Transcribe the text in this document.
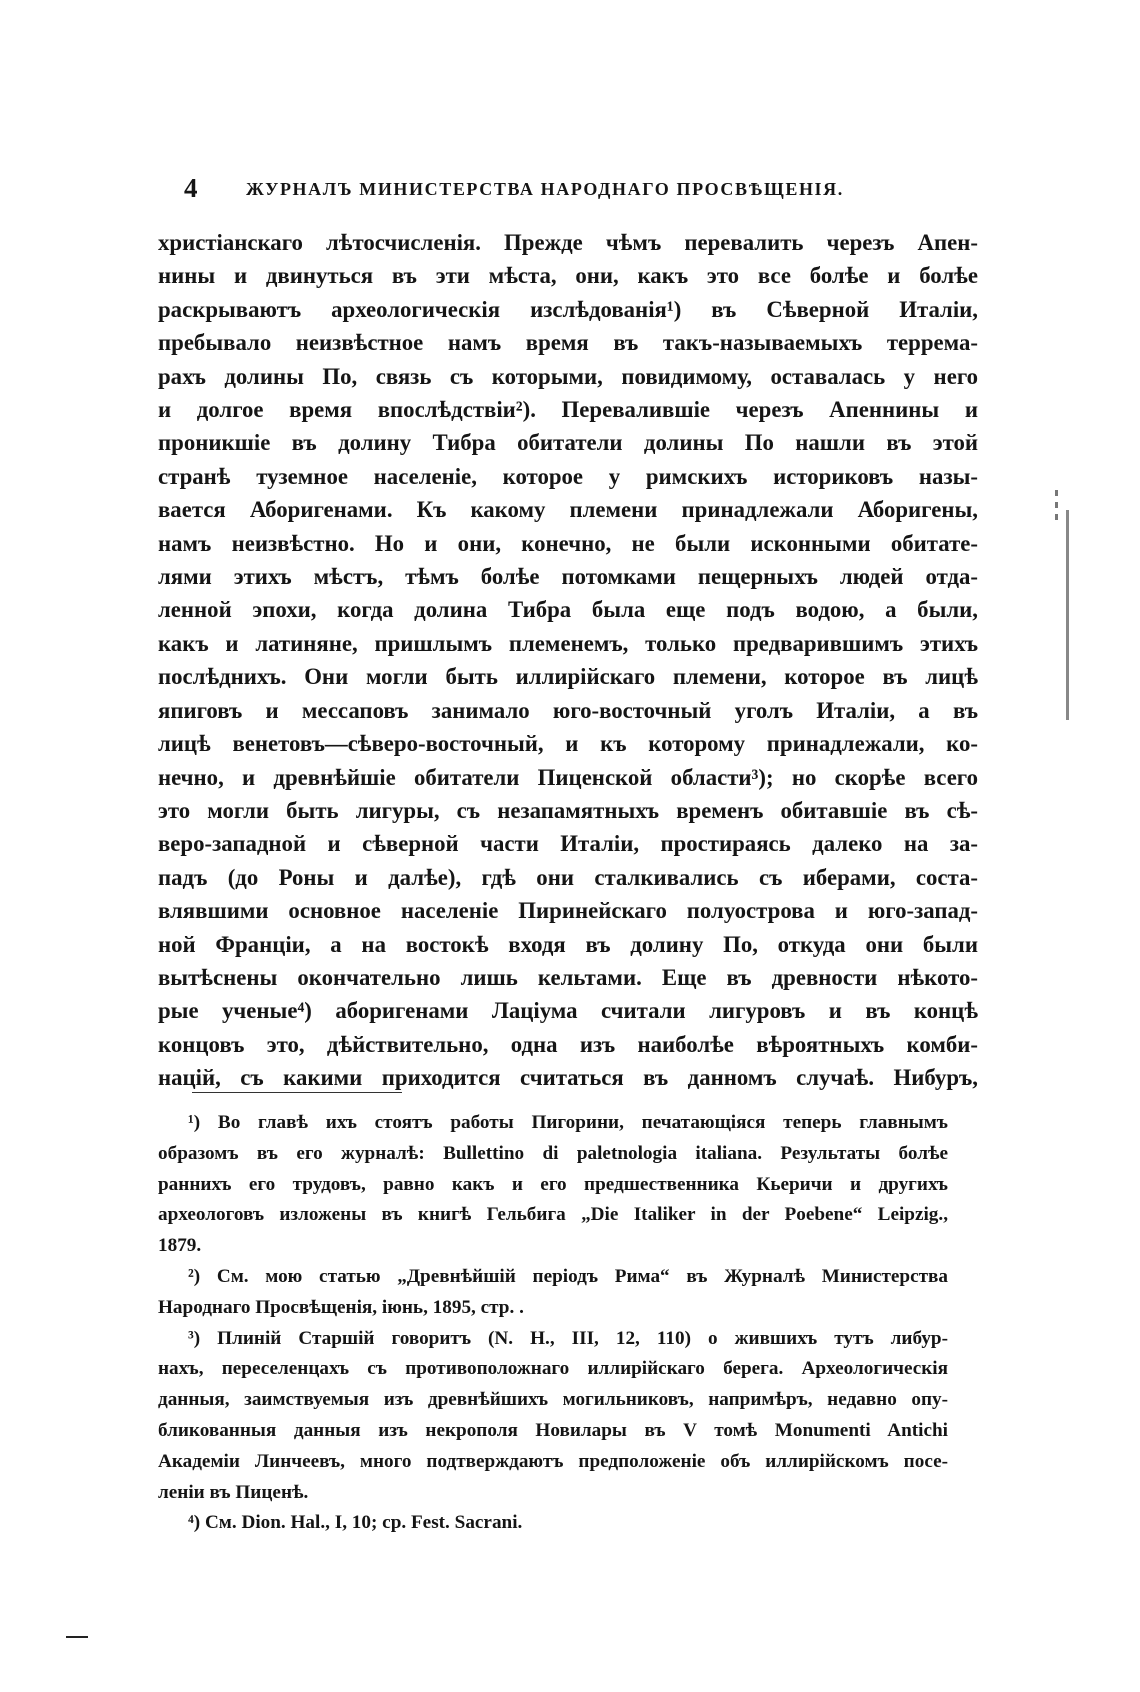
4	ЖУРНАЛЪ МИНИСТЕРСТВА НАРОДНАГО ПРОСВѢЩЕНІЯ.
христіанскаго лѣтосчисленія. Прежде чѣмъ перевалить черезъ Апен-
нины и двинуться въ эти мѣста, они, какъ это все болѣе и болѣе
раскрываютъ археологическія изслѣдованія¹) въ Сѣверной Италіи,
пребывало неизвѣстное намъ время въ такъ-называемыхъ террема-
рахъ долины По, связь съ которыми, повидимому, оставалась у него
и долгое время впослѣдствіи²). Перевалившіе черезъ Апеннины и
проникшіе въ долину Тибра обитатели долины По нашли въ этой
странѣ туземное населеніе, которое у римскихъ историковъ назы-
вается Аборигенами. Къ какому племени принадлежали Аборигены,
намъ неизвѣстно. Но и они, конечно, не были исконными обитате-
лями этихъ мѣстъ, тѣмъ болѣе потомками пещерныхъ людей отда-
ленной эпохи, когда долина Тибра была еще подъ водою, а были,
какъ и латиняне, пришлымъ племенемъ, только предварившимъ этихъ
послѣднихъ. Они могли быть иллирійскаго племени, которое въ лицѣ
япиговъ и мессаповъ занимало юго-восточный уголъ Италіи, а въ
лицѣ венетовъ—сѣверо-восточный, и къ которому принадлежали, ко-
нечно, и древнѣйшіе обитатели Пиценской области³); но скорѣе всего
это могли быть лигуры, съ незапамятныхъ временъ обитавшіе въ сѣ-
веро-западной и сѣверной части Италіи, простираясь далеко на за-
падъ (до Роны и далѣе), гдѣ они сталкивались съ иберами, соста-
влявшими основное населеніе Пиринейскаго полуострова и юго-запад-
ной Франціи, а на востокѣ входя въ долину По, откуда они были
вытѣснены окончательно лишь кельтами. Еще въ древности нѣкото-
рые ученые⁴) аборигенами Лаціума считали лигуровъ и въ концѣ
концовъ это, дѣйствительно, одна изъ наиболѣе вѣроятныхъ комби-
націй, съ какими приходится считаться въ данномъ случаѣ. Нибуръ,
¹) Во главѣ ихъ стоятъ работы Пигорини, печатающіяся теперь главнымъ
образомъ въ его журналѣ: Bullettino di paletnologia italiana. Результаты болѣе
раннихъ его трудовъ, равно какъ и его предшественника Кьеричи и другихъ
археологовъ изложены въ книгѣ Гельбига „Die Italiker in der Poebene“ Leipzig.,
1879.
²) См. мою статью „Древнѣйшій періодъ Рима“ въ Журналѣ Министерства
Народнаго Просвѣщенія, іюнь, 1895, стр. .
³) Плиній Старшій говоритъ (N. H., III, 12, 110) о жившихъ тутъ либур-
нахъ, переселенцахъ съ противоположнаго иллирійскаго берега. Археологическія
данныя, заимствуемыя изъ древнѣйшихъ могильниковъ, напримѣръ, недавно опу-
бликованныя данныя изъ некрополя Новилары въ V томѣ Monumenti Antichi
Академіи Линчеевъ, много подтверждаютъ предположеніе объ иллирійскомъ посе-
леніи въ Пиценѣ.
⁴) См. Dion. Hal., I, 10; ср. Fest. Sacrani.
